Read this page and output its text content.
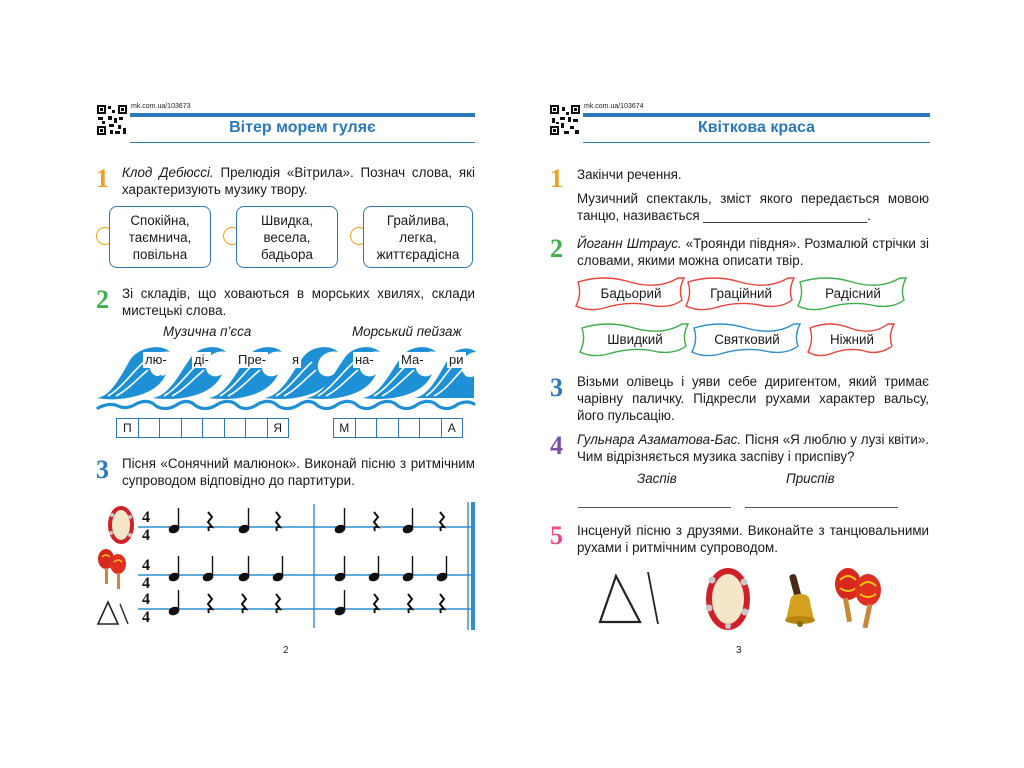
mk.com.ua/103673
Вітер морем гуляє
1 Клод Дебюссі. Прелюдія «Вітрила». Познач слова, які характеризують музику твору.
Спокійна,
таємнича,
повільна
Швидка,
весела,
бадьора
Грайлива,
легка,
життєрадісна
2 Зі складів, що ховаються в морських хвилях, склади мистецькі слова.
Музична п’єса	Морський пейзаж
лю- ді- Пре- я	на- Ма- ри
П	Я	М	А
3 Пісня «Сонячний малюнок». Виконай пісню з ритмічним супроводом відповідно до партитури.
4
4
4
4
4
4
2
mk.com.ua/103674
Квіткова краса
1 Закінчи речення.
Музичний спектакль, зміст якого передається мовою танцю, називається ______________________.
2 Йоганн Штраус. «Троянди півдня». Розмалюй стрічки зі словами, якими можна описати твір.
Бадьорий	Граційний	Радісний
Швидкий	Святковий	Ніжний
3 Візьми олівець і уяви себе диригентом, який тримає чарівну паличку. Підкресли рухами характер вальсу, його пульсацію.
4 Гульнара Азаматова-Бас. Пісня «Я люблю у лузі квіти». Чим відрізняється музика заспіву і приспіву?
Заспів	Приспів
5 Інсценуй пісню з друзями. Виконайте з танцювальними рухами і ритмічним супроводом.
3
